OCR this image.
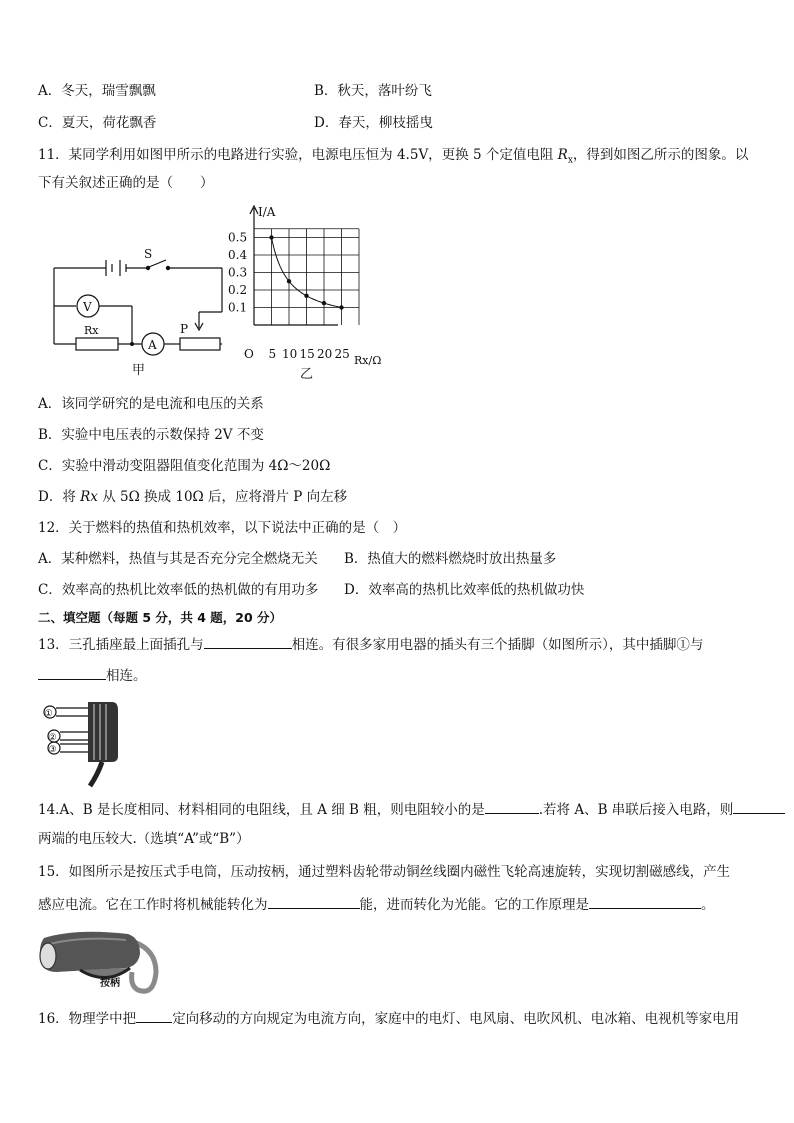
A．冬天，瑞雪飘飘	B．秋天，落叶纷飞
C．夏天，荷花飘香	D．春天，柳枝摇曳
11．某同学利用如图甲所示的电路进行实验，电源电压恒为 4.5V，更换 5 个定值电阻 $R_x$，得到如图乙所示的图象。以
下有关叙述正确的是（　　）
S
V
A
Rx	P
甲
5 10 15 20 25
0.1
0.2
0.3
0.4
0.5
I/A
Rx/Ω
O
乙
A．该同学研究的是电流和电压的关系
B．实验中电压表的示数保持 2V 不变
C．实验中滑动变阻器阻值变化范围为 4Ω～20Ω
D．将 Rx 从 5Ω 换成 10Ω 后，应将滑片 P 向左移
12．关于燃料的热值和热机效率，以下说法中正确的是（　）
A．某种燃料，热值与其是否充分完全燃烧无关 B．热值大的燃料燃烧时放出热量多
C．效率高的热机比效率低的热机做的有用功多 D．效率高的热机比效率低的热机做功快
二、填空题（每题 5 分，共 4 题，20 分）
13．三孔插座最上面插孔与	相连。有很多家用电器的插头有三个插脚（如图所示），其中插脚①与
相连。
①
②
③
14.A、B 是长度相同、材料相同的电阻线，且 A 细 B 粗，则电阻较小的是	.若将 A、B 串联后接入电路，则
两端的电压较大.（选填“A”或“B”）
15．如图所示是按压式手电筒，压动按柄，通过塑料齿轮带动铜丝线圈内磁性飞轮高速旋转，实现切割磁感线，产生
感应电流。它在工作时将机械能转化为	能，进而转化为光能。它的工作原理是	。
按柄
16．物理学中把	定向移动的方向规定为电流方向，家庭中的电灯、电风扇、电吹风机、电冰箱、电视机等家电用
